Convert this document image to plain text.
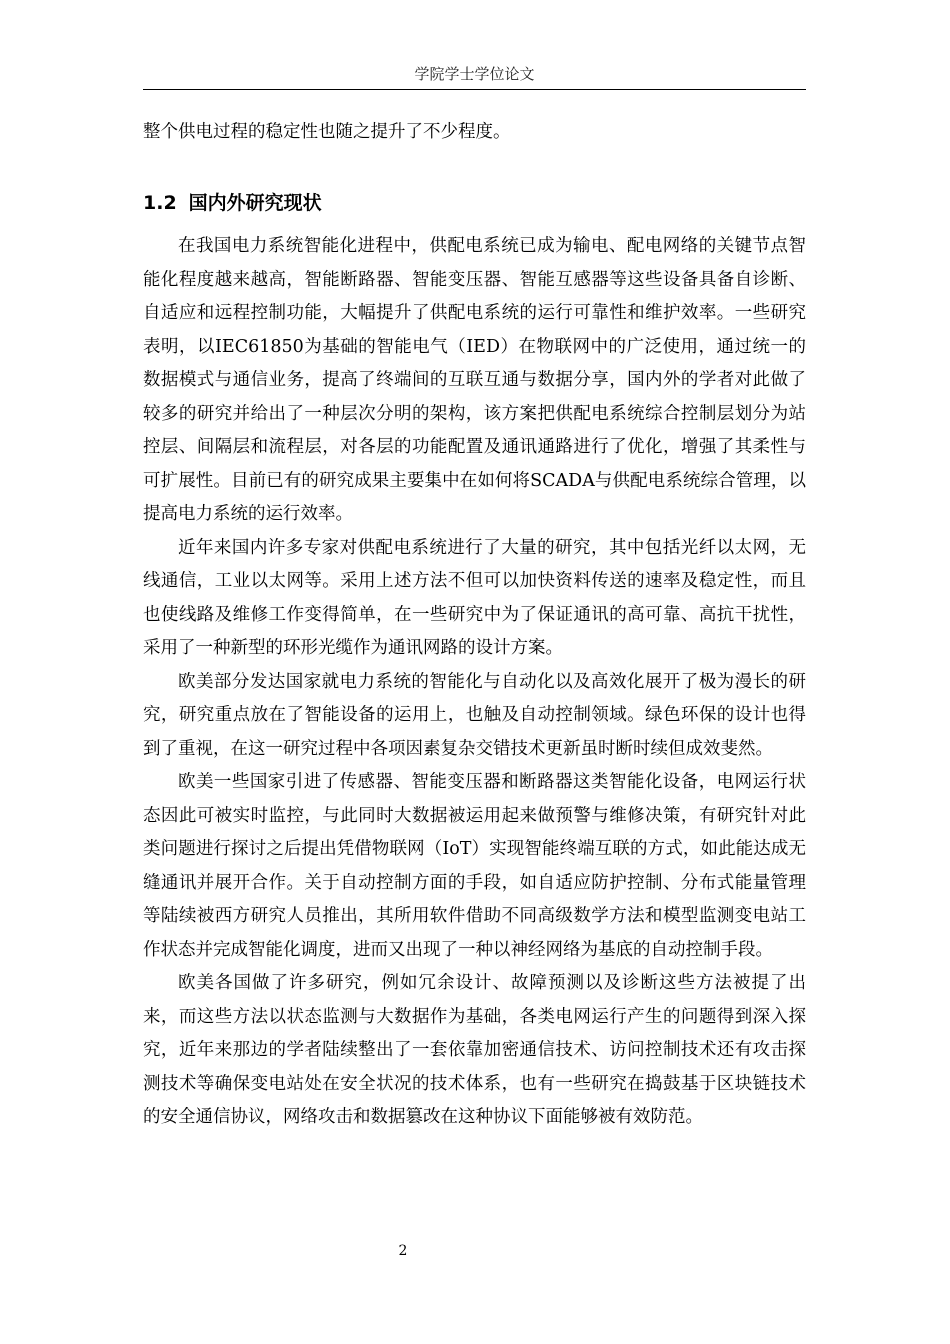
学院学士学位论文
整个供电过程的稳定性也随之提升了不少程度。
1.2 国内外研究现状

在我国电力系统智能化进程中，供配电系统已成为输电、配电网络的关键节点智能化程度越来越高，智能断路器、智能变压器、智能互感器等这些设备具备自诊断、自适应和远程控制功能，大幅提升了供配电系统的运行可靠性和维护效率。一些研究表明，以IEC61850为基础的智能电气（IED）在物联网中的广泛使用，通过统一的数据模式与通信业务，提高了终端间的互联互通与数据分享，国内外的学者对此做了较多的研究并给出了一种层次分明的架构，该方案把供配电系统综合控制层划分为站控层、间隔层和流程层，对各层的功能配置及通讯通路进行了优化，增强了其柔性与可扩展性。目前已有的研究成果主要集中在如何将SCADA与供配电系统综合管理，以提高电力系统的运行效率。

近年来国内许多专家对供配电系统进行了大量的研究，其中包括光纤以太网，无线通信，工业以太网等。采用上述方法不但可以加快资料传送的速率及稳定性，而且也使线路及维修工作变得简单，在一些研究中为了保证通讯的高可靠、高抗干扰性，采用了一种新型的环形光缆作为通讯网路的设计方案。

欧美部分发达国家就电力系统的智能化与自动化以及高效化展开了极为漫长的研究，研究重点放在了智能设备的运用上，也触及自动控制领域。绿色环保的设计也得到了重视，在这一研究过程中各项因素复杂交错技术更新虽时断时续但成效斐然。

欧美一些国家引进了传感器、智能变压器和断路器这类智能化设备，电网运行状态因此可被实时监控，与此同时大数据被运用起来做预警与维修决策，有研究针对此类问题进行探讨之后提出凭借物联网（IoT）实现智能终端互联的方式，如此能达成无缝通讯并展开合作。关于自动控制方面的手段，如自适应防护控制、分布式能量管理等陆续被西方研究人员推出，其所用软件借助不同高级数学方法和模型监测变电站工作状态并完成智能化调度，进而又出现了一种以神经网络为基底的自动控制手段。

欧美各国做了许多研究，例如冗余设计、故障预测以及诊断这些方法被提了出来，而这些方法以状态监测与大数据作为基础，各类电网运行产生的问题得到深入探究，近年来那边的学者陆续整出了一套依靠加密通信技术、访问控制技术还有攻击探测技术等确保变电站处在安全状况的技术体系，也有一些研究在捣鼓基于区块链技术的安全通信协议，网络攻击和数据篡改在这种协议下面能够被有效防范。

2
